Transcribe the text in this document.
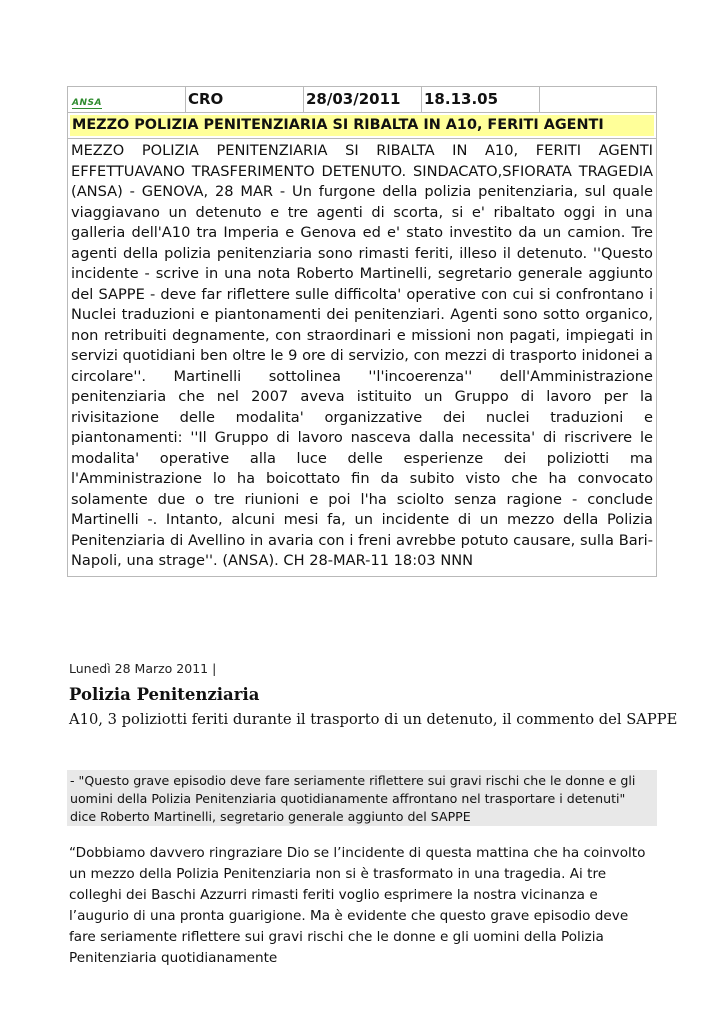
ANSA	CRO	28/03/2011	18.13.05
MEZZO POLIZIA PENITENZIARIA SI RIBALTA IN A10, FERITI AGENTI
MEZZO POLIZIA PENITENZIARIA SI RIBALTA IN A10, FERITI AGENTI EFFETTUAVANO TRASFERIMENTO DETENUTO. SINDACATO,SFIORATA TRAGEDIA (ANSA) - GENOVA, 28 MAR - Un furgone della polizia penitenziaria, sul quale viaggiavano un detenuto e tre agenti di scorta, si e' ribaltato oggi in una galleria dell'A10 tra Imperia e Genova ed e' stato investito da un camion. Tre agenti della polizia penitenziaria sono rimasti feriti, illeso il detenuto. ''Questo incidente - scrive in una nota Roberto Martinelli, segretario generale aggiunto del SAPPE - deve far riflettere sulle difficolta' operative con cui si confrontano i Nuclei traduzioni e piantonamenti dei penitenziari. Agenti sono sotto organico, non retribuiti degnamente, con straordinari e missioni non pagati, impiegati in servizi quotidiani ben oltre le 9 ore di servizio, con mezzi di trasporto inidonei a circolare''. Martinelli sottolinea ''l'incoerenza'' dell'Amministrazione penitenziaria che nel 2007 aveva istituito un Gruppo di lavoro per la rivisitazione delle modalita' organizzative dei nuclei traduzioni e piantonamenti: ''Il Gruppo di lavoro nasceva dalla necessita' di riscrivere le modalita' operative alla luce delle esperienze dei poliziotti ma l'Amministrazione lo ha boicottato fin da subito visto che ha convocato solamente due o tre riunioni e poi l'ha sciolto senza ragione - conclude Martinelli -. Intanto, alcuni mesi fa, un incidente di un mezzo della Polizia Penitenziaria di Avellino in avaria con i freni avrebbe potuto causare, sulla Bari-Napoli, una strage''. (ANSA). CH 28-MAR-11 18:03 NNN
Lunedì 28 Marzo 2011 |
Polizia Penitenziaria
A10, 3 poliziotti feriti durante il trasporto di un detenuto, il commento del SAPPE
- "Questo grave episodio deve fare seriamente riflettere sui gravi rischi che le donne e gli uomini della Polizia Penitenziaria quotidianamente affrontano nel trasportare i detenuti" dice Roberto Martinelli, segretario generale aggiunto del SAPPE
“Dobbiamo davvero ringraziare Dio se l’incidente di questa mattina che ha coinvolto un mezzo della Polizia Penitenziaria non si è trasformato in una tragedia. Ai tre colleghi dei Baschi Azzurri rimasti feriti voglio esprimere la nostra vicinanza e l’augurio di una pronta guarigione. Ma è evidente che questo grave episodio deve fare seriamente riflettere sui gravi rischi che le donne e gli uomini della Polizia Penitenziaria quotidianamente
